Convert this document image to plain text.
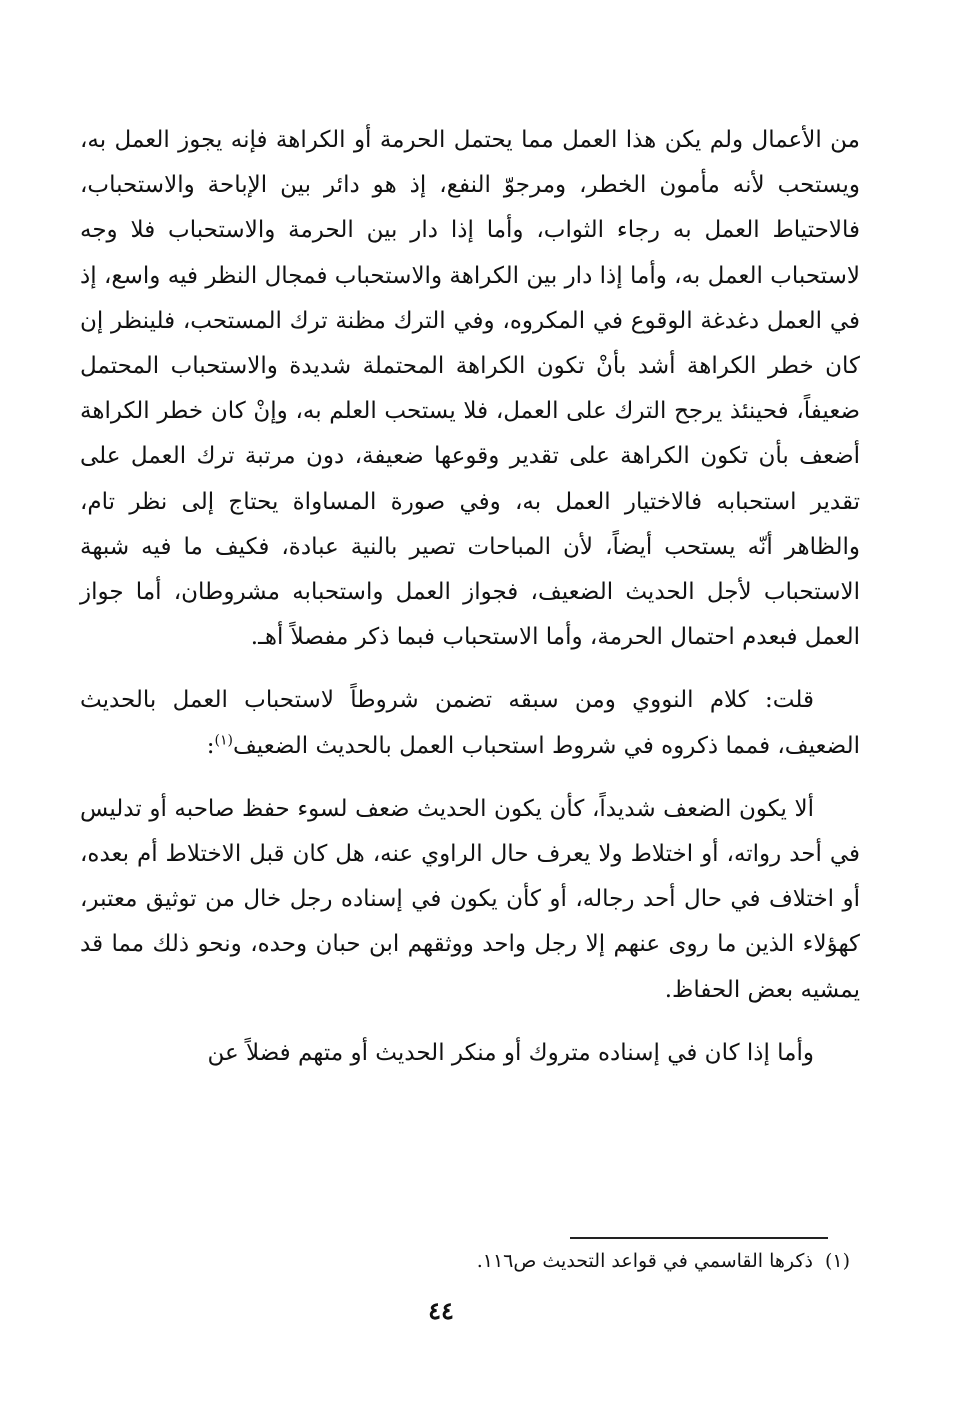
من الأعمال ولم يكن هذا العمل مما يحتمل الحرمة أو الكراهة فإنه يجوز العمل به، ويستحب لأنه مأمون الخطر، ومرجوّ النفع، إذ هو دائر بين الإباحة والاستحباب، فالاحتياط العمل به رجاء الثواب، وأما إذا دار بين الحرمة والاستحباب فلا وجه لاستحباب العمل به، وأما إذا دار بين الكراهة والاستحباب فمجال النظر فيه واسع، إذ في العمل دغدغة الوقوع في المكروه، وفي الترك مظنة ترك المستحب، فلينظر إن كان خطر الكراهة أشد بأنْ تكون الكراهة المحتملة شديدة والاستحباب المحتمل ضعيفاً، فحينئذ يرجح الترك على العمل، فلا يستحب العلم به، وإنْ كان خطر الكراهة أضعف بأن تكون الكراهة على تقدير وقوعها ضعيفة، دون مرتبة ترك العمل على تقدير استحبابه فالاختيار العمل به، وفي صورة المساواة يحتاج إلى نظر تام، والظاهر أنّه يستحب أيضاً، لأن المباحات تصير بالنية عبادة، فكيف ما فيه شبهة الاستحباب لأجل الحديث الضعيف، فجواز العمل واستحبابه مشروطان، أما جواز العمل فبعدم احتمال الحرمة، وأما الاستحباب فبما ذكر مفصلاً أهـ.

قلت: كلام النووي ومن سبقه تضمن شروطاً لاستحباب العمل بالحديث الضعيف، فمما ذكروه في شروط استحباب العمل بالحديث الضعيف$^{(١)}$:

ألا يكون الضعف شديداً، كأن يكون الحديث ضعف لسوء حفظ صاحبه أو تدليس في أحد رواته، أو اختلاط ولا يعرف حال الراوي عنه، هل كان قبل الاختلاط أم بعده، أو اختلاف في حال أحد رجاله، أو كأن يكون في إسناده رجل خال من توثيق معتبر، كهؤلاء الذين ما روى عنهم إلا رجل واحد ووثقهم ابن حبان وحده، ونحو ذلك مما قد يمشيه بعض الحفاظ.

وأما إذا كان في إسناده متروك أو منكر الحديث أو متهم فضلاً عن

(١)ذكرها القاسمي في قواعد التحديث ص١١٦.
٤٤
